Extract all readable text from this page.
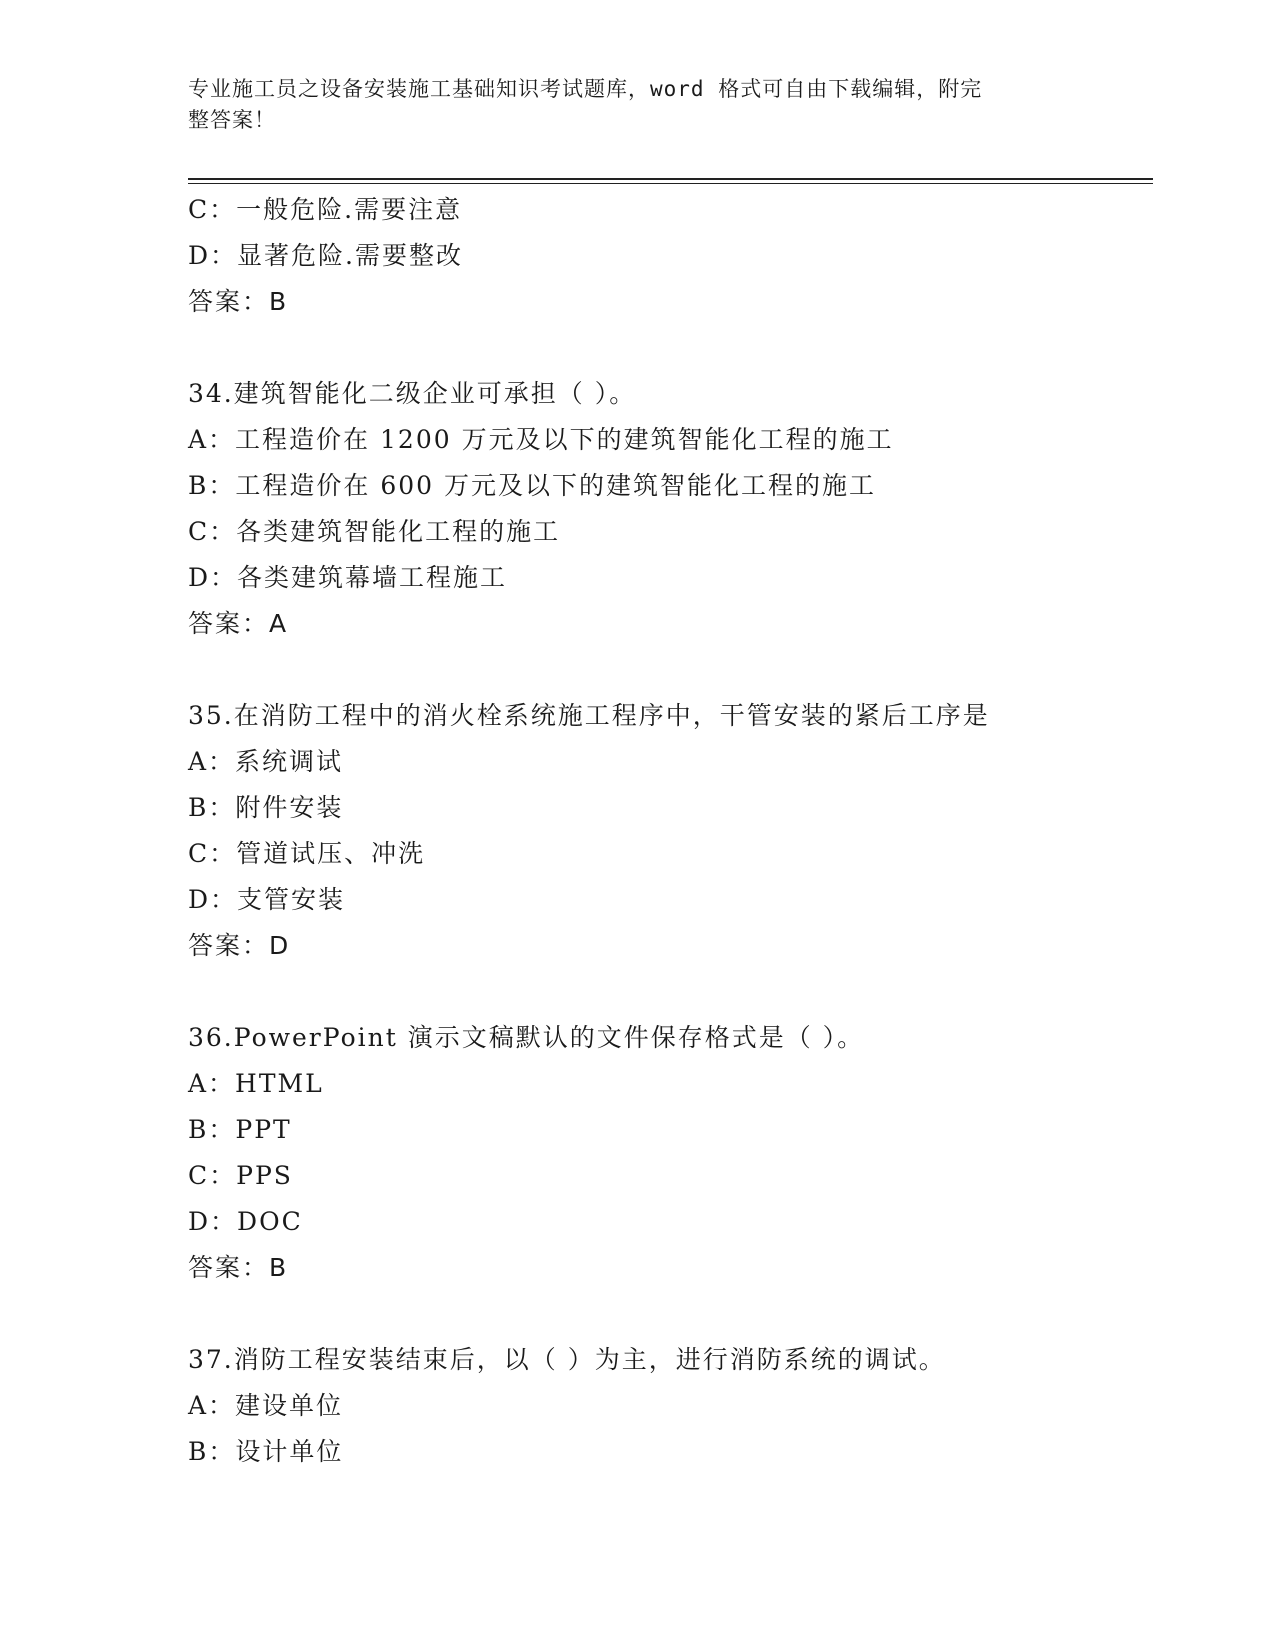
专业施工员之设备安装施工基础知识考试题库，word 格式可自由下载编辑，附完
整答案！
C：一般危险.需要注意
D：显著危险.需要整改
答案：B
34.建筑智能化二级企业可承担（ ）。
A：工程造价在 1200 万元及以下的建筑智能化工程的施工
B：工程造价在 600 万元及以下的建筑智能化工程的施工
C：各类建筑智能化工程的施工
D：各类建筑幕墙工程施工
答案：A
35.在消防工程中的消火栓系统施工程序中，干管安装的紧后工序是
A：系统调试
B：附件安装
C：管道试压、冲洗
D：支管安装
答案：D
36.PowerPoint 演示文稿默认的文件保存格式是（ ）。
A：HTML
B：PPT
C：PPS
D：DOC
答案：B
37.消防工程安装结束后，以（ ）为主，进行消防系统的调试。
A：建设单位
B：设计单位
